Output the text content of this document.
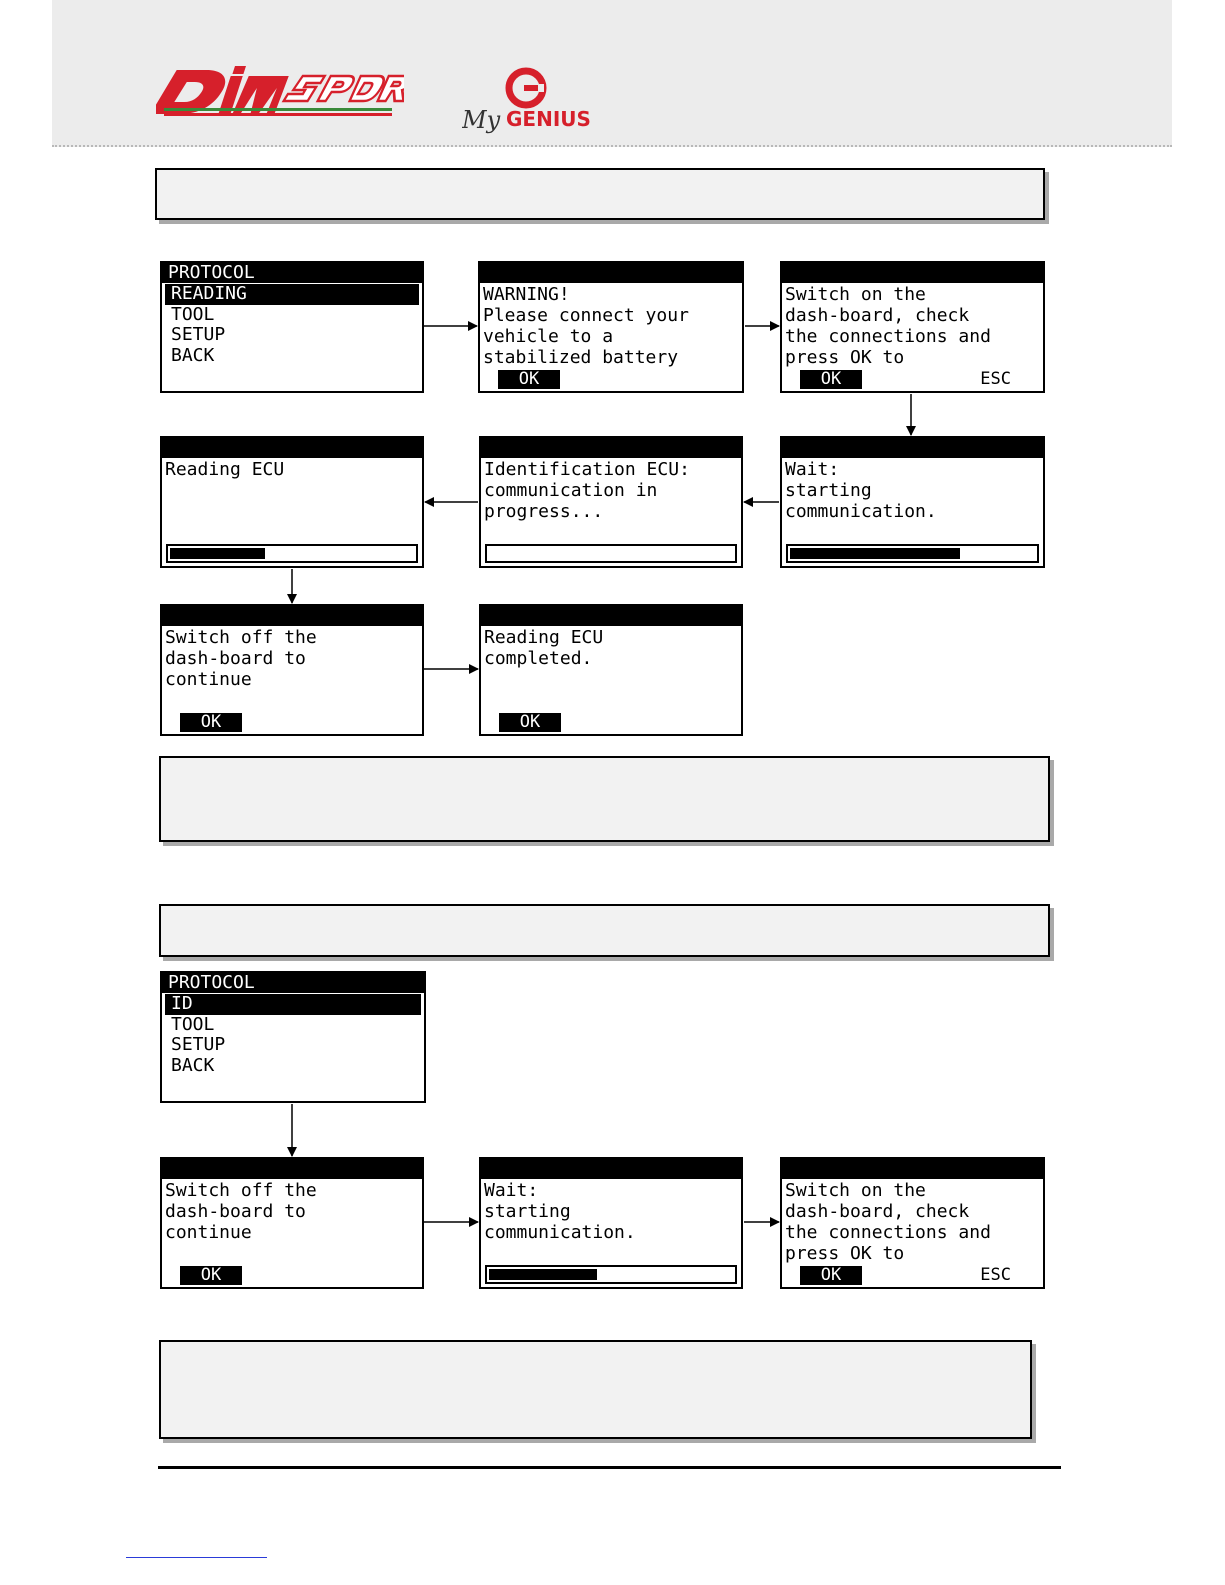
My GENIUS
PROTOCOL
READING
TOOL
SETUP
BACK
WARNING!
Please connect your
vehicle to a
stabilized battery
OK
Switch on the
dash-board, check
the connections and
press OK to
OK	ESC
Wait:
starting
communication.
Identification ECU:
communication in
progress...
Reading ECU
Switch off the
dash-board to
continue
OK
Reading ECU
completed.
OK
PROTOCOL
ID
TOOL
SETUP
BACK
Switch off the
dash-board to
continue
OK
Wait:
starting
communication.
Switch on the
dash-board, check
the connections and
press OK to
OK	ESC
